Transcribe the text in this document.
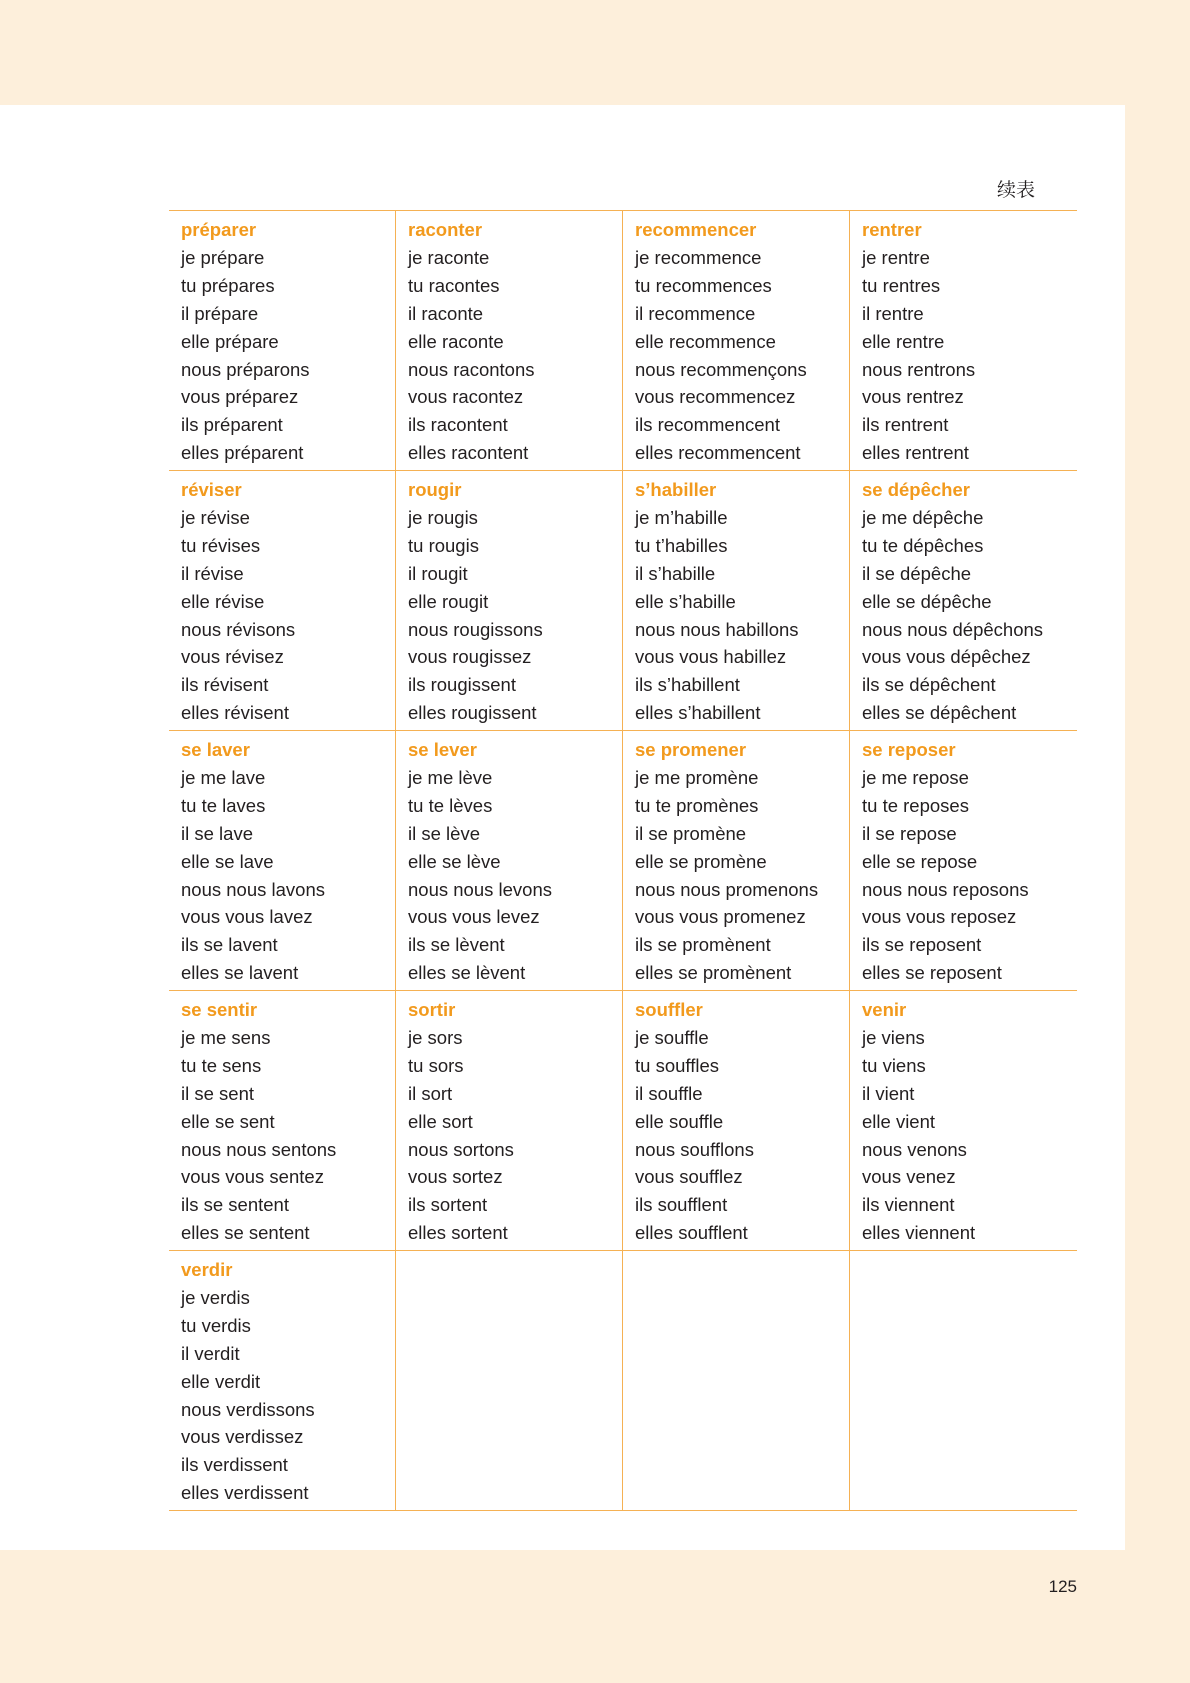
续表
préparer
je prépare
tu prépares
il prépare
elle prépare
nous préparons
vous préparez
ils préparent
elles préparent
raconter
je raconte
tu racontes
il raconte
elle raconte
nous racontons
vous racontez
ils racontent
elles racontent
recommencer
je recommence
tu recommences
il recommence
elle recommence
nous recommençons
vous recommencez
ils recommencent
elles recommencent
rentrer
je rentre
tu rentres
il rentre
elle rentre
nous rentrons
vous rentrez
ils rentrent
elles rentrent
réviser
je révise
tu révises
il révise
elle révise
nous révisons
vous révisez
ils révisent
elles révisent
rougir
je rougis
tu rougis
il rougit
elle rougit
nous rougissons
vous rougissez
ils rougissent
elles rougissent
s’habiller
je m’habille
tu t’habilles
il s’habille
elle s’habille
nous nous habillons
vous vous habillez
ils s’habillent
elles s’habillent
se dépêcher
je me dépêche
tu te dépêches
il se dépêche
elle se dépêche
nous nous dépêchons
vous vous dépêchez
ils se dépêchent
elles se dépêchent
se laver
je me lave
tu te laves
il se lave
elle se lave
nous nous lavons
vous vous lavez
ils se lavent
elles se lavent
se lever
je me lève
tu te lèves
il se lève
elle se lève
nous nous levons
vous vous levez
ils se lèvent
elles se lèvent
se promener
je me promène
tu te promènes
il se promène
elle se promène
nous nous promenons
vous vous promenez
ils se promènent
elles se promènent
se reposer
je me repose
tu te reposes
il se repose
elle se repose
nous nous reposons
vous vous reposez
ils se reposent
elles se reposent
se sentir
je me sens
tu te sens
il se sent
elle se sent
nous nous sentons
vous vous sentez
ils se sentent
elles se sentent
sortir
je sors
tu sors
il sort
elle sort
nous sortons
vous sortez
ils sortent
elles sortent
souffler
je souffle
tu souffles
il souffle
elle souffle
nous soufflons
vous soufflez
ils soufflent
elles soufflent
venir
je viens
tu viens
il vient
elle vient
nous venons
vous venez
ils viennent
elles viennent
verdir
je verdis
tu verdis
il verdit
elle verdit
nous verdissons
vous verdissez
ils verdissent
elles verdissent
125
